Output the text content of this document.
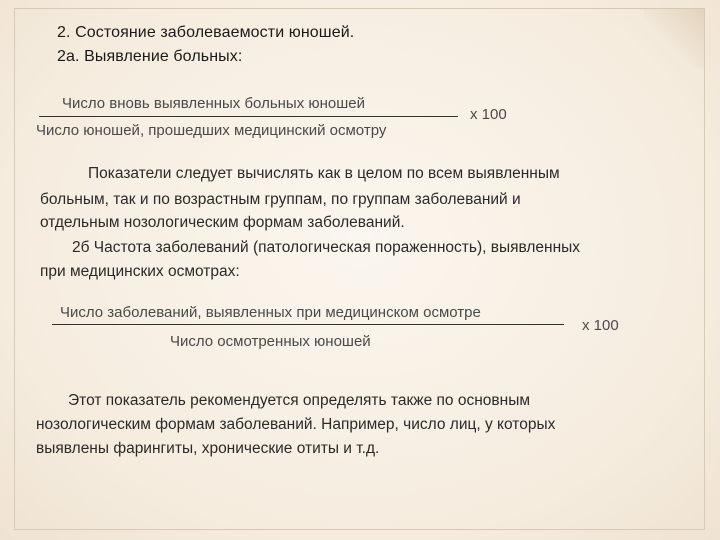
2. Состояние заболеваемости юношей.
2а. Выявление больных:
Число вновь выявленных больных юношей
Число юношей, прошедших медицинский осмотру
х 100
Показатели следует вычислять как в целом по всем выявленным
больным, так и по возрастным группам, по группам заболеваний и
отдельным нозологическим формам заболеваний.
2б Частота заболеваний (патологическая пораженность), выявленных
при медицинских осмотрах:
Число заболеваний, выявленных при медицинском осмотре
Число осмотренных юношей
х 100
Этот показатель рекомендуется определять также по основным
нозологическим формам заболеваний. Например, число лиц, у которых
выявлены фарингиты, хронические отиты и т.д.
